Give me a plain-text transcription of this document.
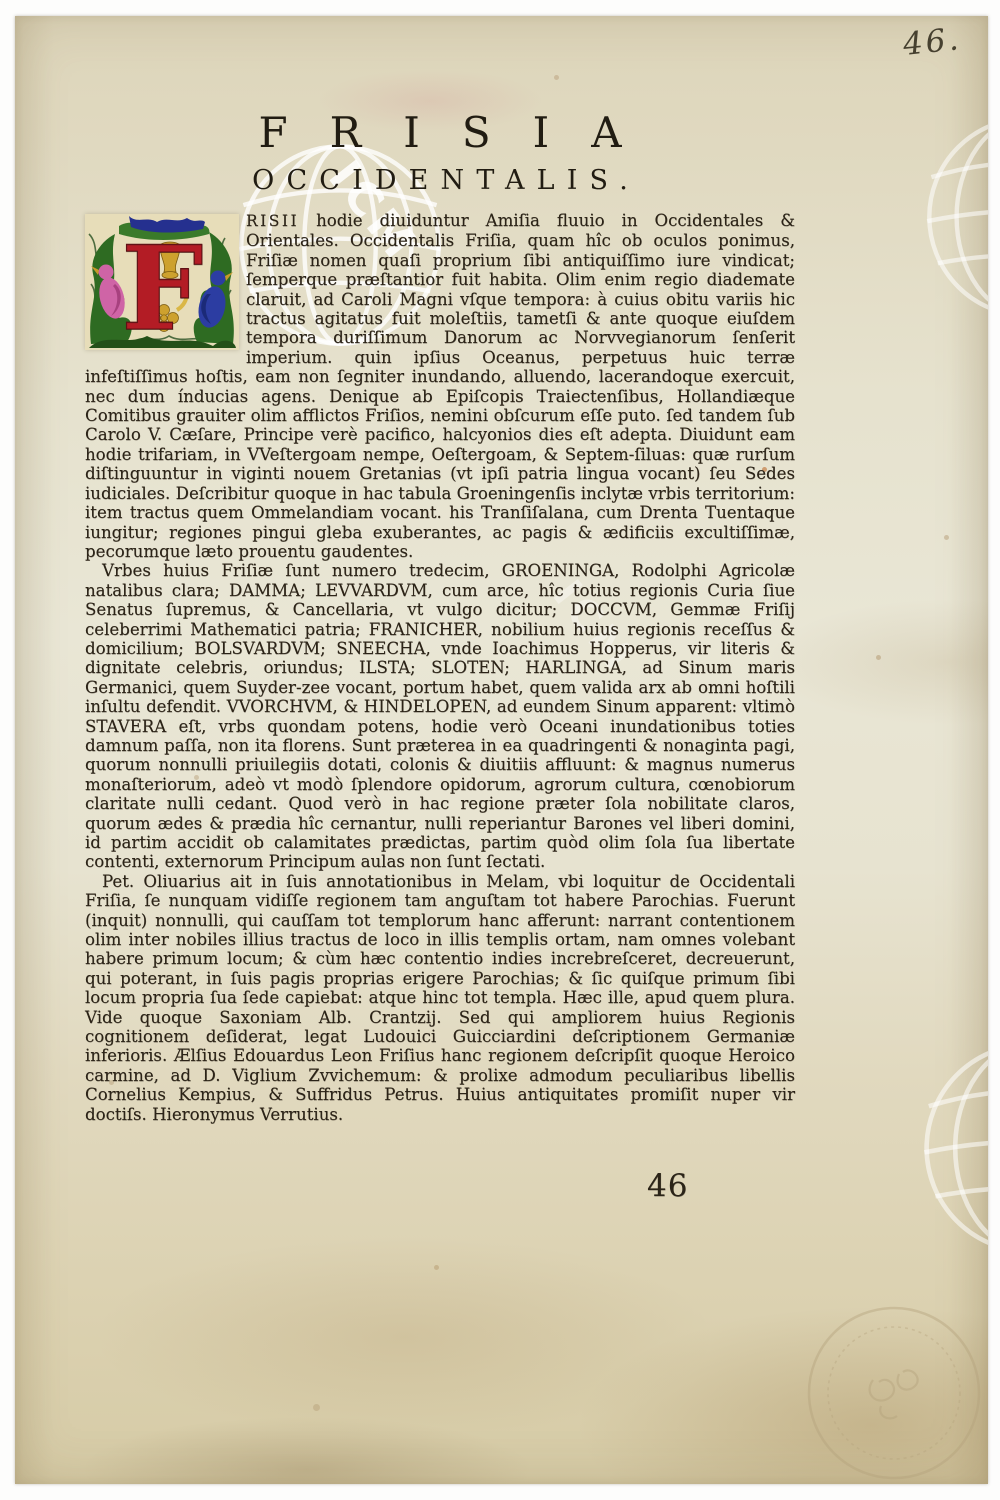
46.
ICM
ICM
FRISIA
OCCIDENTALIS.

F	RISII hodie diuiduntur Amiſia fluuio in Occidentales & Orientales. Occidentalis Friſia, quam hîc ob oculos ponimus, Friſiæ nomen quaſi proprium ſibi antiquiſſimo iure vindicat; ſemperque præſtantior fuit habita. Olim enim regio diademate claruit, ad Caroli Magni vſque tempora: à cuius obitu variis hic tractus agitatus fuit moleſtiis, tametſi & ante quoque eiuſdem tempora duriſſimum Danorum ac Norvvegianorum ſenſerit imperium. quin ipſius Oceanus, perpetuus huic terræ infeſtiſſimus hoſtis, eam non ſegniter inundando, alluendo, lacerandoque exercuit, nec dum índucias agens. Denique ab Epiſcopis Traiectenſibus, Hollandiæque Comitibus grauiter olim afflictos Friſios, nemini obſcurum eſſe puto. ſed tandem ſub Carolo V. Cæſare, Principe verè pacifico, halcyonios dies eſt adepta. Diuidunt eam hodie trifariam, in VVeſtergoam nempe, Oeſtergoam, & Septem-ſiluas: quæ rurſum diſtinguuntur in viginti nouem Gretanias (vt ipſi patria lingua vocant) ſeu Sedes iudiciales. Deſcribitur quoque in hac tabula Groeningenſis inclytæ vrbis territorium: item tractus quem Ommelandiam vocant. his Tranſiſalana, cum Drenta Tuentaque iungitur; regiones pingui gleba exuberantes, ac pagis & ædificiis excultiſſimæ, pecorumque læto prouentu gaudentes.

Vrbes huius Friſiæ ſunt numero tredecim, GROENINGA, Rodolphi Agricolæ natalibus clara; DAMMA; LEVVARDVM, cum arce, hîc totius regionis Curia ſiue Senatus ſupremus, & Cancellaria, vt vulgo dicitur; DOCCVM, Gemmæ Friſij celeberrimi Mathematici patria; FRANICHER, nobilium huius regionis receſſus & domicilium; BOLSVARDVM; SNEECHA, vnde Ioachimus Hopperus, vir literis & dignitate celebris, oriundus; ILSTA; SLOTEN; HARLINGA, ad Sinum maris Germanici, quem Suyder-zee vocant, portum habet, quem valida arx ab omni hoſtili inſultu defendit. VVORCHVM, & HINDELOPEN, ad eundem Sinum apparent: vltimò STAVERA eſt, vrbs quondam potens, hodie verò Oceani inundationibus toties damnum paſſa, non ita florens. Sunt præterea in ea quadringenti & nonaginta pagi, quorum nonnulli priuilegiis dotati, colonis & diuitiis affluunt: & magnus numerus monaſteriorum, adeò vt modò ſplendore opidorum, agrorum cultura, cœnobiorum claritate nulli cedant. Quod verò in hac regione præter ſola nobilitate claros, quorum ædes & prædia hîc cernantur, nulli reperiantur Barones vel liberi domini, id partim accidit ob calamitates prædictas, partim quòd olim ſola ſua libertate contenti, externorum Principum aulas non ſunt ſectati.

Pet. Oliuarius ait in ſuis annotationibus in Melam, vbi loquitur de Occidentali Friſia, ſe nunquam vidiſſe regionem tam anguſtam tot habere Parochias. Fuerunt (inquit) nonnulli, qui cauſſam tot templorum hanc afferunt: narrant contentionem olim inter nobiles illius tractus de loco in illis templis ortam, nam omnes volebant habere primum locum; & cùm hæc contentio indies increbreſceret, decreuerunt, qui poterant, in ſuis pagis proprias erigere Parochias; & ſic quiſque primum ſibi locum propria ſua ſede capiebat: atque hinc tot templa. Hæc ille, apud quem plura. Vide quoque Saxoniam Alb. Crantzij. Sed qui ampliorem huius Regionis cognitionem deſiderat, legat Ludouici Guicciardini deſcriptionem Germaniæ inferioris. Ælſius Edouardus Leon Friſius hanc regionem deſcripſit quoque Heroico carmine, ad D. Viglium Zvvichemum: & prolixe admodum peculiaribus libellis Cornelius Kempius, & Suffridus Petrus. Huius antiquitates promiſit nuper vir doctiſs. Hieronymus Verrutius.

46
